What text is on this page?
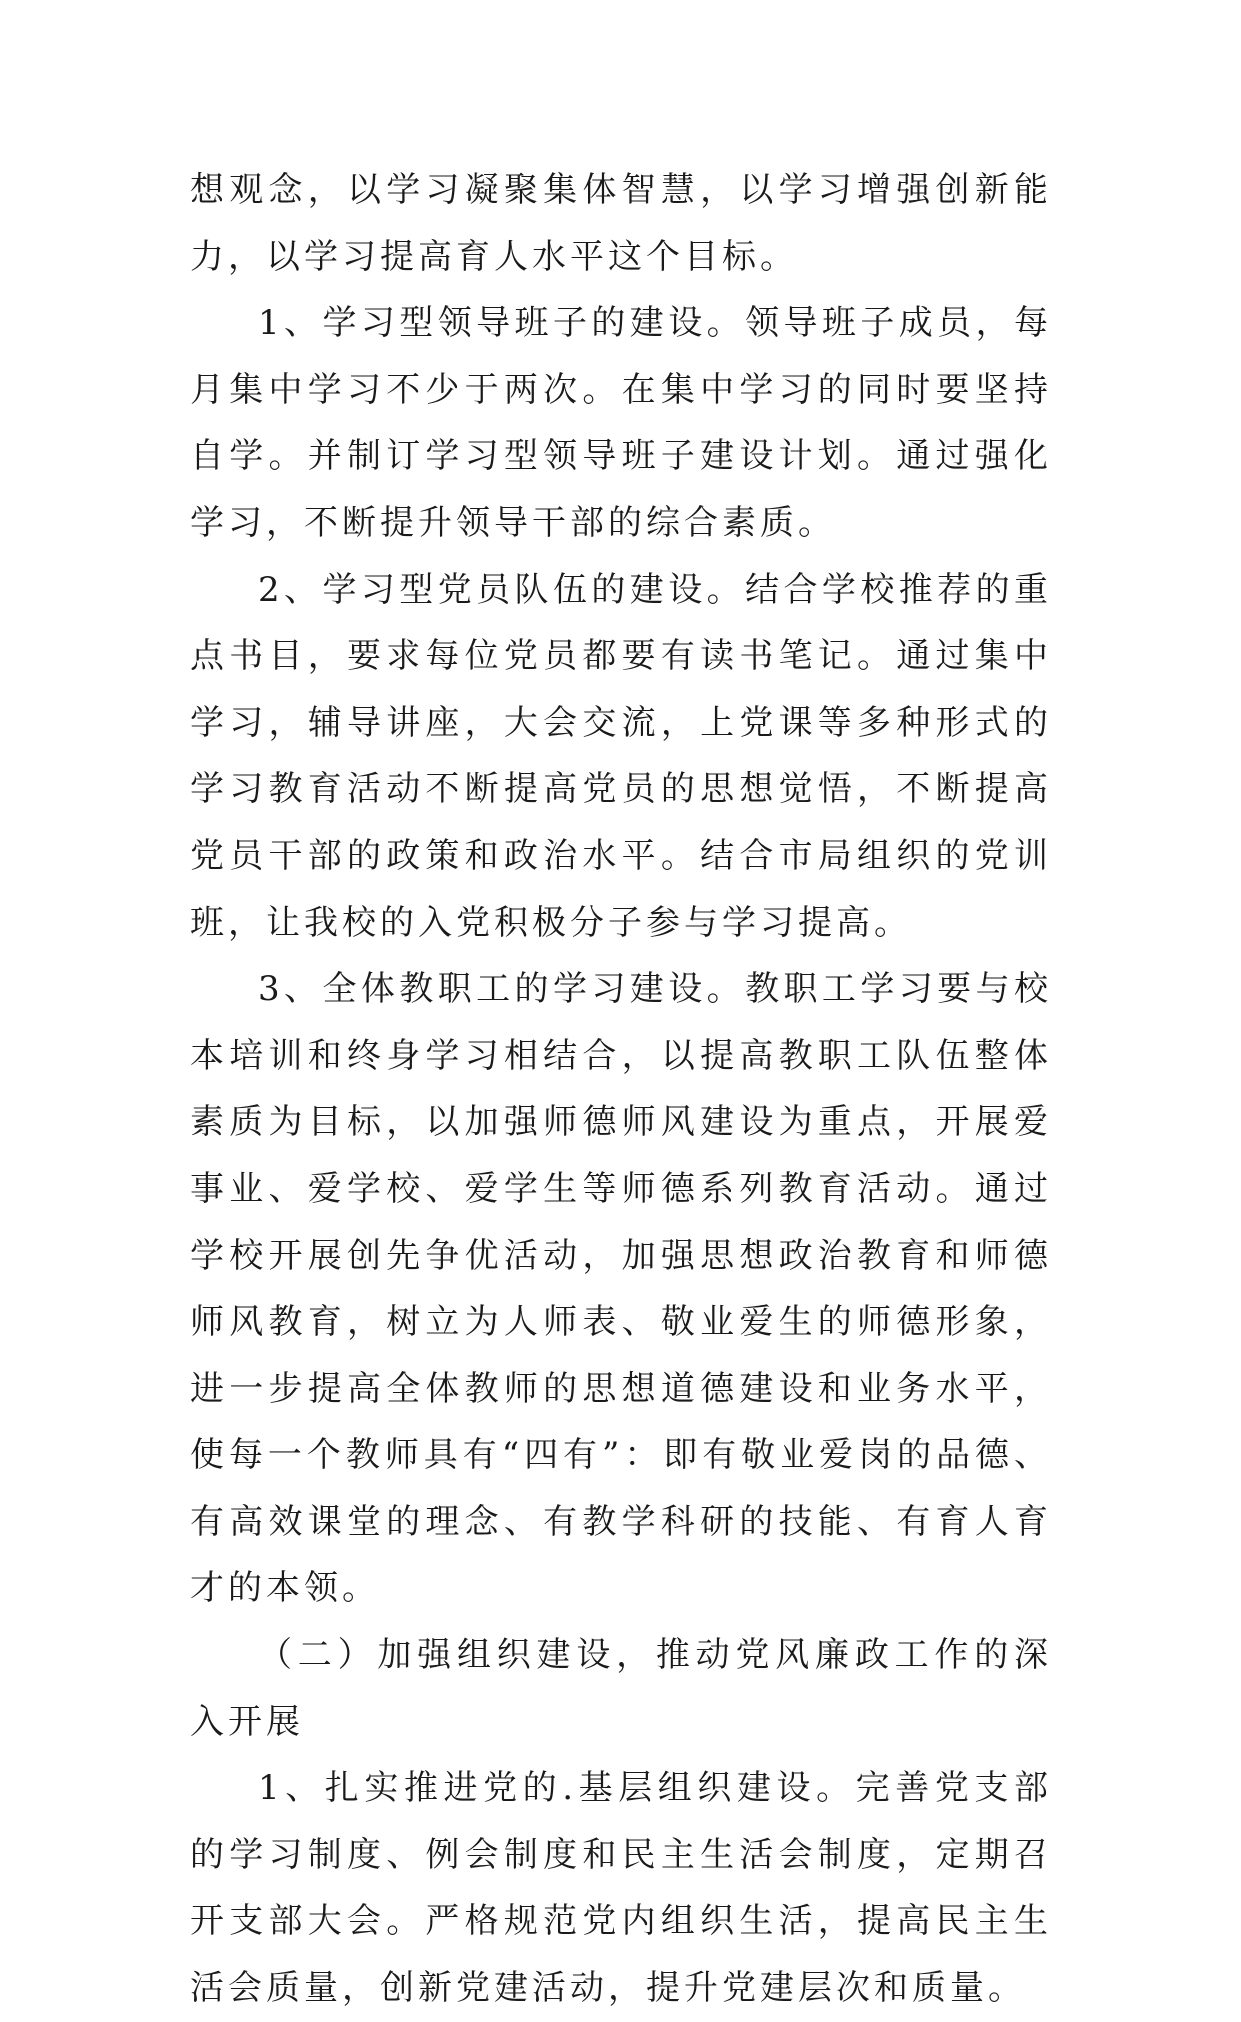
想观念，以学习凝聚集体智慧，以学习增强创新能力，以学习提高育人水平这个目标。

1、学习型领导班子的建设。领导班子成员，每月集中学习不少于两次。在集中学习的同时要坚持自学。并制订学习型领导班子建设计划。通过强化学习，不断提升领导干部的综合素质。

2、学习型党员队伍的建设。结合学校推荐的重点书目，要求每位党员都要有读书笔记。通过集中学习，辅导讲座，大会交流，上党课等多种形式的学习教育活动不断提高党员的思想觉悟，不断提高党员干部的政策和政治水平。结合市局组织的党训班，让我校的入党积极分子参与学习提高。

3、全体教职工的学习建设。教职工学习要与校本培训和终身学习相结合，以提高教职工队伍整体素质为目标，以加强师德师风建设为重点，开展爱事业、爱学校、爱学生等师德系列教育活动。通过学校开展创先争优活动，加强思想政治教育和师德师风教育，树立为人师表、敬业爱生的师德形象，进一步提高全体教师的思想道德建设和业务水平，使每一个教师具有“四有”：即有敬业爱岗的品德、有高效课堂的理念、有教学科研的技能、有育人育才的本领。

（二）加强组织建设，推动党风廉政工作的深入开展

1、扎实推进党的.基层组织建设。完善党支部的学习制度、例会制度和民主生活会制度，定期召开支部大会。严格规范党内组织生活，提高民主生活会质量，创新党建活动，提升党建层次和质量。
